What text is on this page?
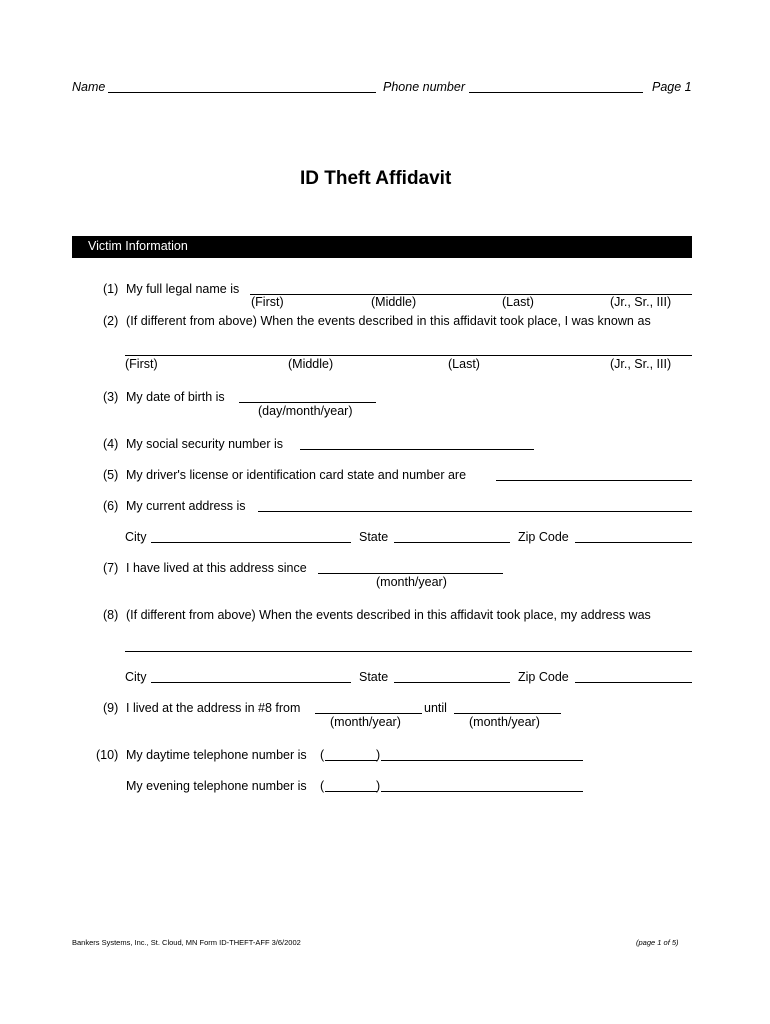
Name	Phone number	Page 1
ID Theft Affidavit
Victim Information
(1) My full legal name is
(First)	(Middle)	(Last)	(Jr., Sr., III)
(2) (If different from above) When the events described in this affidavit took place, I was known as
(First)	(Middle)	(Last)	(Jr., Sr., III)
(3) My date of birth is
(day/month/year)
(4) My social security number is
(5) My driver's license or identification card state and number are
(6) My current address is
City	State	Zip Code
(7) I have lived at this address since
(month/year)
(8) (If different from above) When the events described in this affidavit took place, my address was
City	State	Zip Code
(9) I lived at the address in #8 from	until
(month/year)	(month/year)
(10) My daytime telephone number is (	)
My evening telephone number is (	)
Bankers Systems, Inc., St. Cloud, MN Form ID-THEFT-AFF 3/6/2002	(page 1 of 5)
